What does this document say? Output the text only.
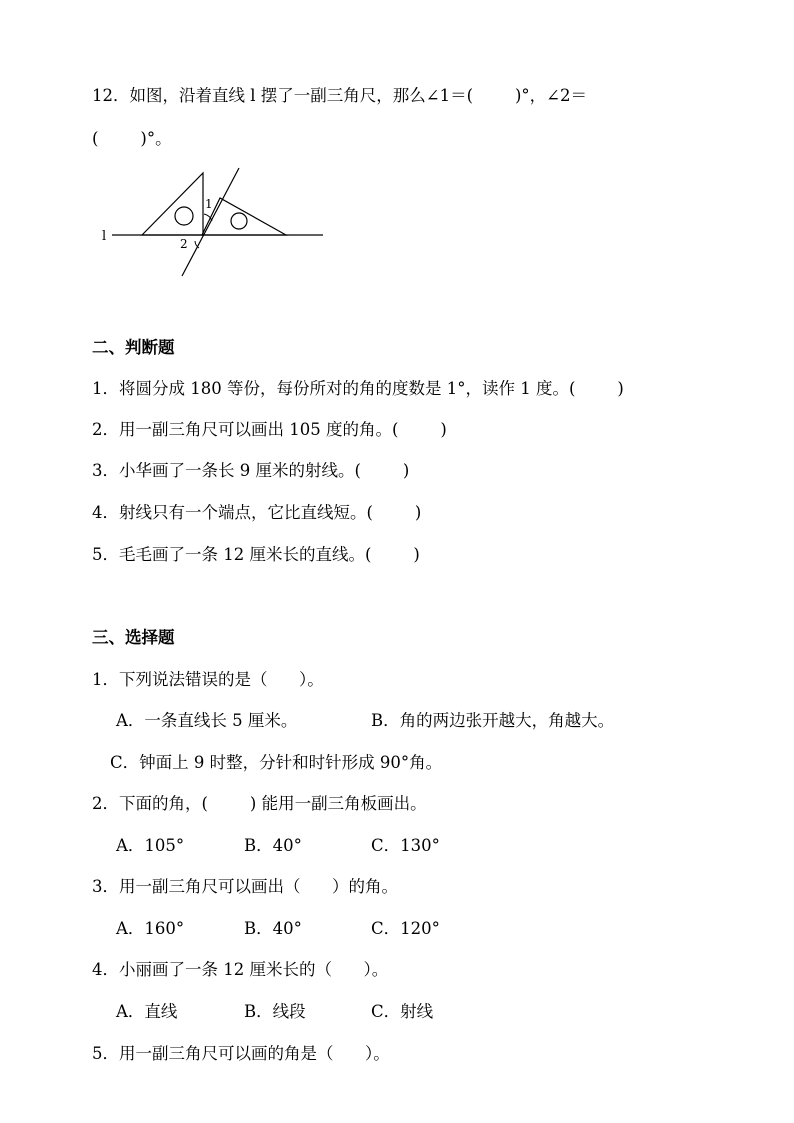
12．如图，沿着直线 l 摆了一副三角尺，那么∠1＝(        )°，∠2＝
(        )°。
l
1
2
二、判断题
1．将圆分成 180 等份，每份所对的角的度数是 1°，读作 1 度。(        )
2．用一副三角尺可以画出 105 度的角。(        )
3．小华画了一条长 9 厘米的射线。(        )
4．射线只有一个端点，它比直线短。(        )
5．毛毛画了一条 12 厘米长的直线。(        )
三、选择题
1．下列说法错误的是（      ）。
A．一条直线长 5 厘米。	B．角的两边张开越大，角越大。
C．钟面上 9 时整，分针和时针形成 90°角。
2．下面的角，(        ) 能用一副三角板画出。
A．105°	B．40°	C．130°
3．用一副三角尺可以画出（      ）的角。
A．160°	B．40°	C．120°
4．小丽画了一条 12 厘米长的（      ）。
A．直线	B．线段	C．射线
5．用一副三角尺可以画的角是（      ）。
